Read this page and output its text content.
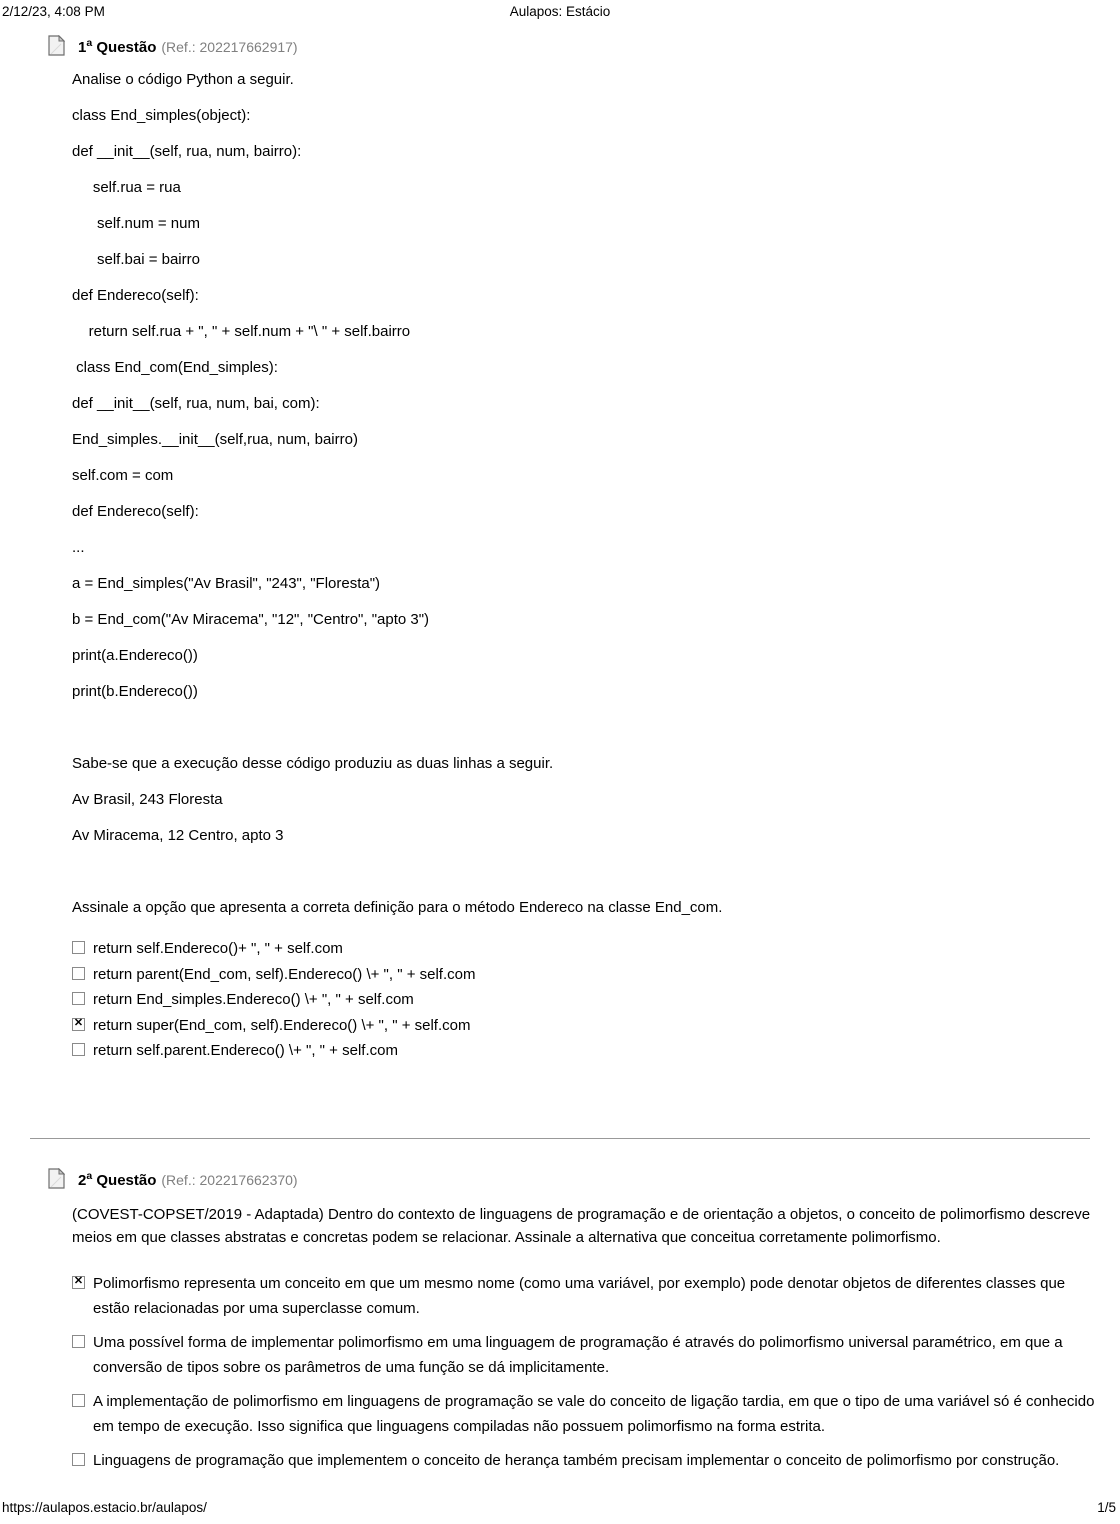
2/12/23, 4:08 PM	Aulapos: Estácio
1$^a$ Questão (Ref.: 202217662917)
Analise o código Python a seguir.
class End_simples(object):
def __init__(self, rua, num, bairro):
self.rua = rua
self.num = num
self.bai = bairro
def Endereco(self):
return self.rua + ", " + self.num + "\ " + self.bairro
class End_com(End_simples):
def __init__(self, rua, num, bai, com):
End_simples.__init__(self,rua, num, bairro)
self.com = com
def Endereco(self):
...
a = End_simples("Av Brasil", "243", "Floresta")
b = End_com("Av Miracema", "12", "Centro", "apto 3")
print(a.Endereco())
print(b.Endereco())

Sabe-se que a execução desse código produziu as duas linhas a seguir.
Av Brasil, 243 Floresta
Av Miracema, 12 Centro, apto 3

Assinale a opção que apresenta a correta definição para o método Endereco na classe End_com.
return self.Endereco()+ ", " + self.com
return parent(End_com, self).Endereco() \+ ", " + self.com
return End_simples.Endereco() \+ ", " + self.com
✕
return super(End_com, self).Endereco() \+ ", " + self.com
return self.parent.Endereco() \+ ", " + self.com
2$^a$ Questão (Ref.: 202217662370)
(COVEST-COPSET/2019 - Adaptada) Dentro do contexto de linguagens de programação e de orientação a objetos, o conceito de polimorfismo descreve meios em que classes abstratas e concretas podem se relacionar. Assinale a alternativa que conceitua corretamente polimorfismo.
✕
Polimorfismo representa um conceito em que um mesmo nome (como uma variável, por exemplo) pode denotar objetos de diferentes classes que estão relacionadas por uma superclasse comum.
Uma possível forma de implementar polimorfismo em uma linguagem de programação é através do polimorfismo universal paramétrico, em que a conversão de tipos sobre os parâmetros de uma função se dá implicitamente.
A implementação de polimorfismo em linguagens de programação se vale do conceito de ligação tardia, em que o tipo de uma variável só é conhecido em tempo de execução. Isso significa que linguagens compiladas não possuem polimorfismo na forma estrita.
Linguagens de programação que implementem o conceito de herança também precisam implementar o conceito de polimorfismo por construção.
https://aulapos.estacio.br/aulapos/	1/5
